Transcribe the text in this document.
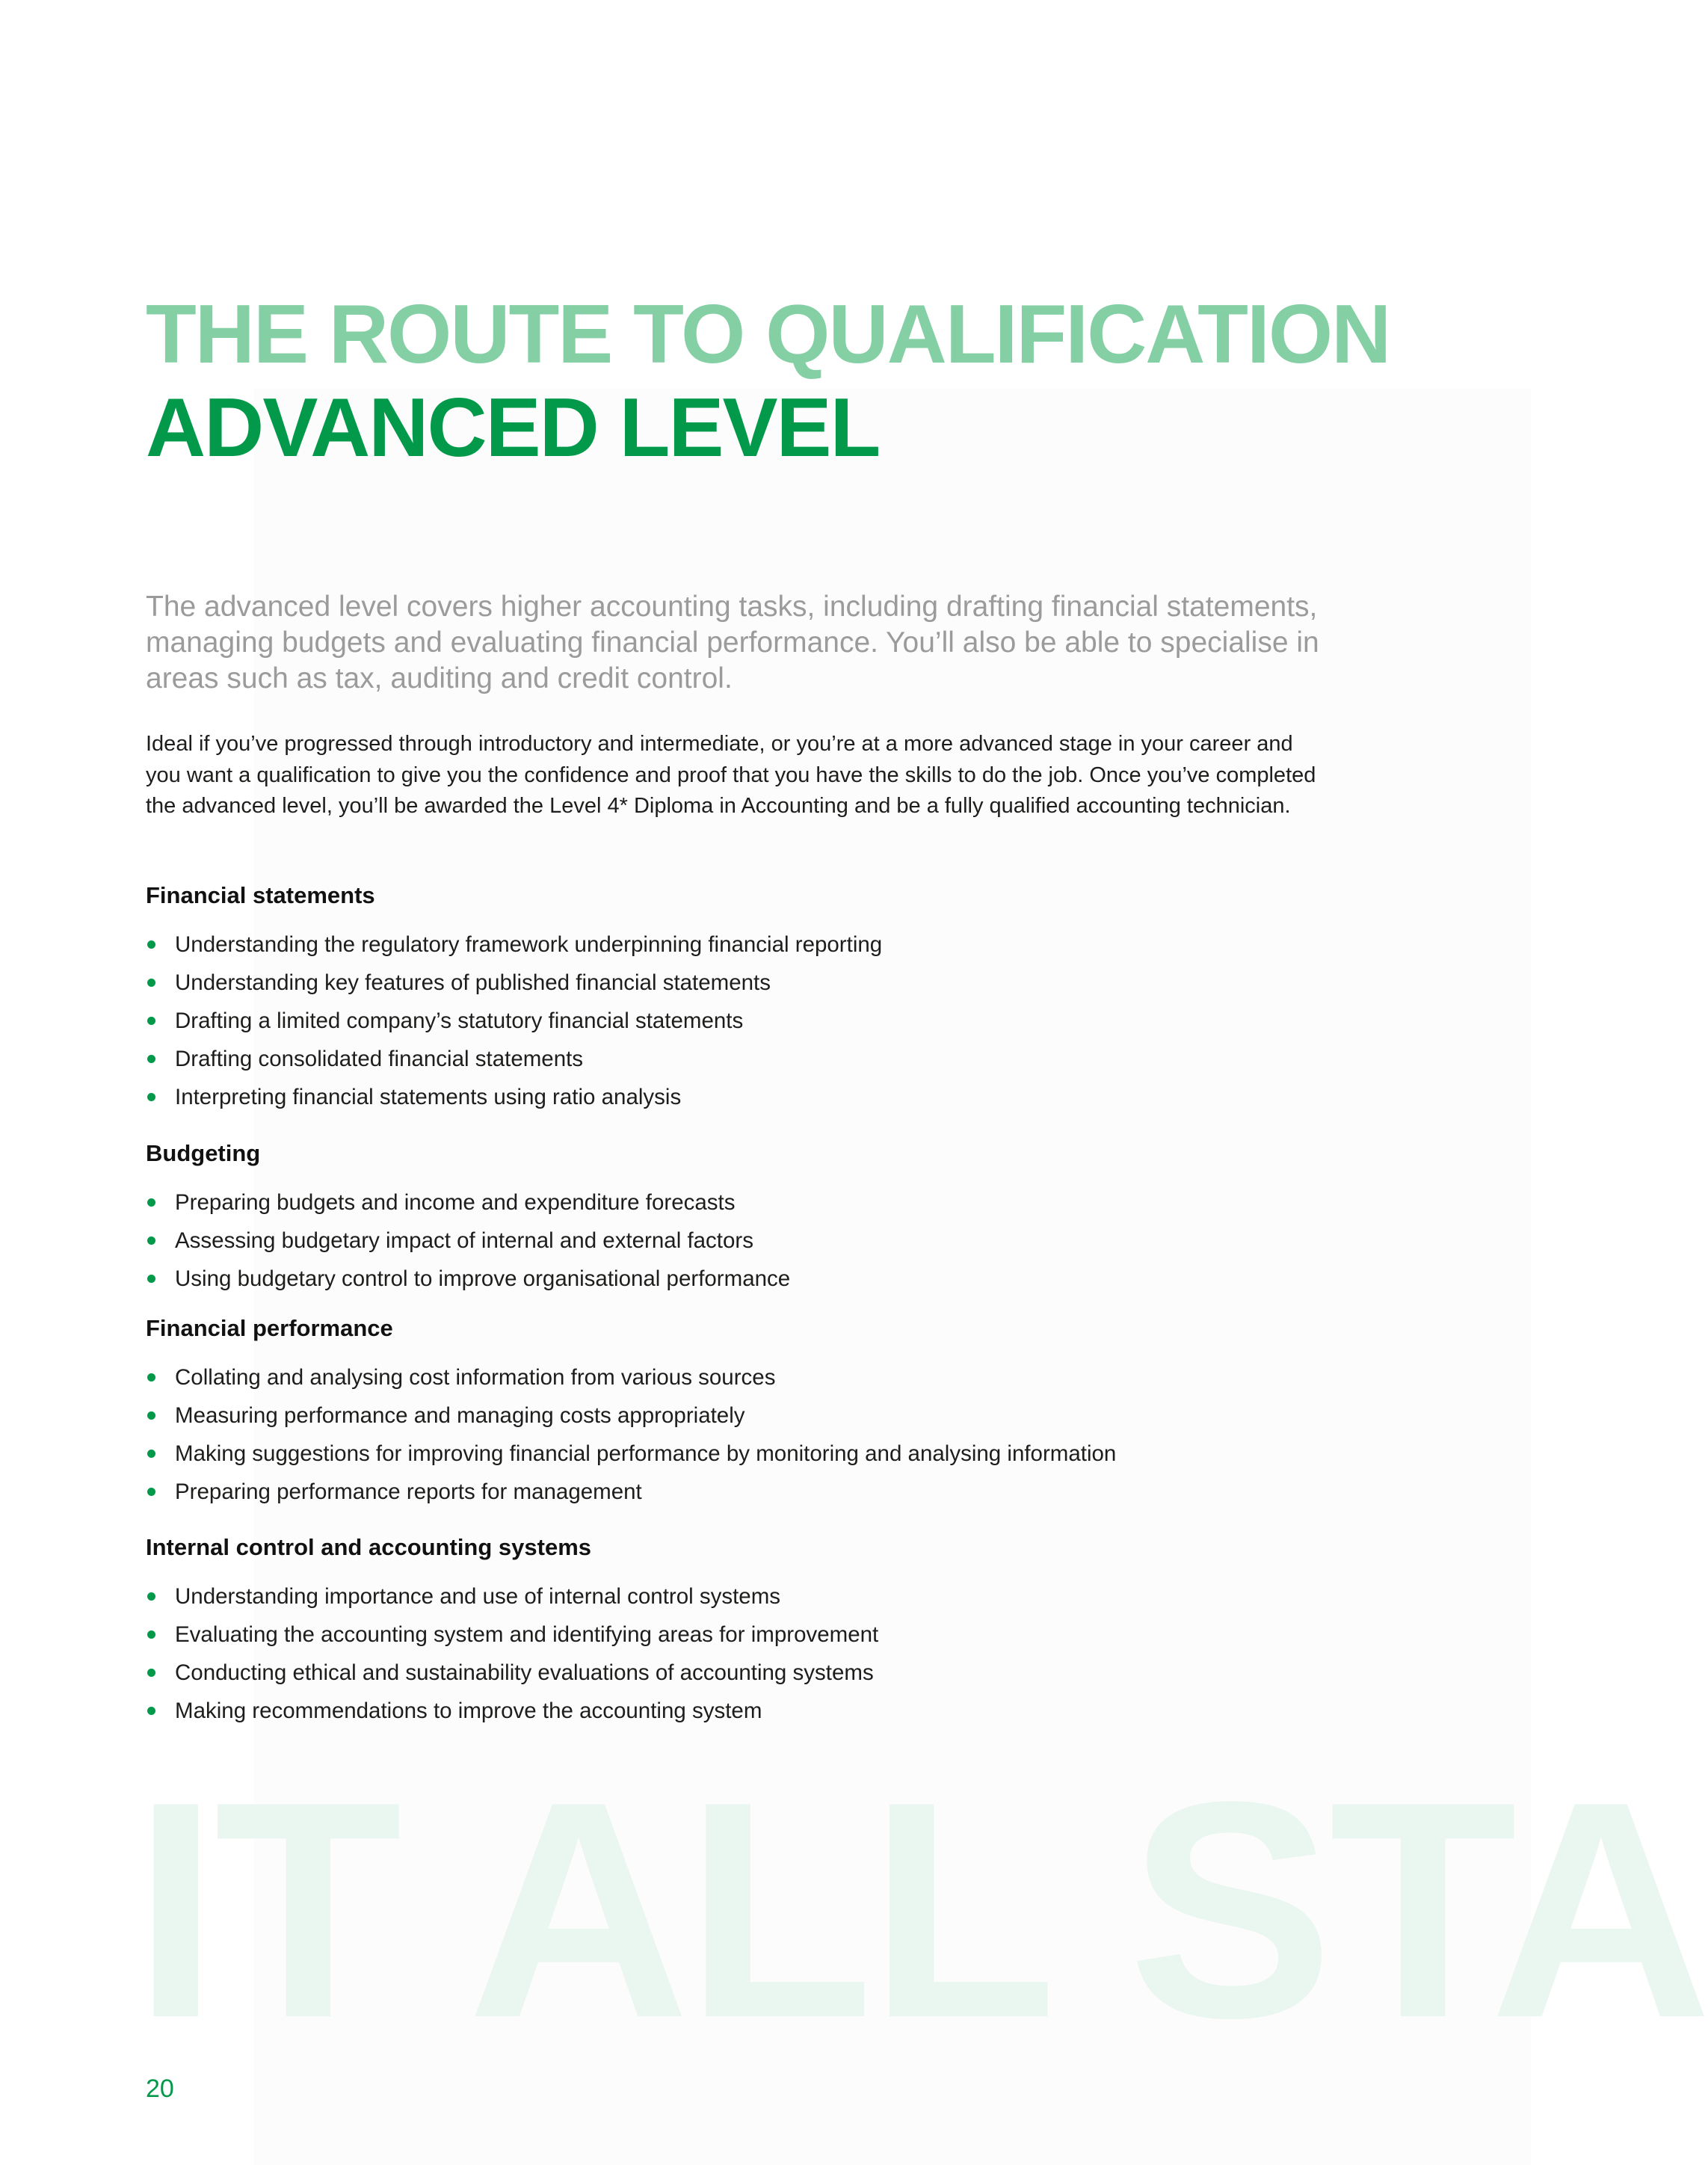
THE ROUTE TO QUALIFICATION
ADVANCED LEVEL

The advanced level covers higher accounting tasks, including drafting financial statements, managing budgets and evaluating financial performance. You’ll also be able to specialise in areas such as tax, auditing and credit control.

Ideal if you’ve progressed through introductory and intermediate, or you’re at a more advanced stage in your career and you want a qualification to give you the confidence and proof that you have the skills to do the job. Once you’ve completed the advanced level, you’ll be awarded the Level 4* Diploma in Accounting and be a fully qualified accounting technician.

Financial statements
Understanding the regulatory framework underpinning financial reporting
Understanding key features of published financial statements
Drafting a limited company’s statutory financial statements
Drafting consolidated financial statements
Interpreting financial statements using ratio analysis
Budgeting
Preparing budgets and income and expenditure forecasts
Assessing budgetary impact of internal and external factors
Using budgetary control to improve organisational performance
Financial performance
Collating and analysing cost information from various sources
Measuring performance and managing costs appropriately
Making suggestions for improving financial performance by monitoring and analysing information
Preparing performance reports for management
Internal control and accounting systems
Understanding importance and use of internal control systems
Evaluating the accounting system and identifying areas for improvement
Conducting ethical and sustainability evaluations of accounting systems
Making recommendations to improve the accounting system
IT ALL STA

20
